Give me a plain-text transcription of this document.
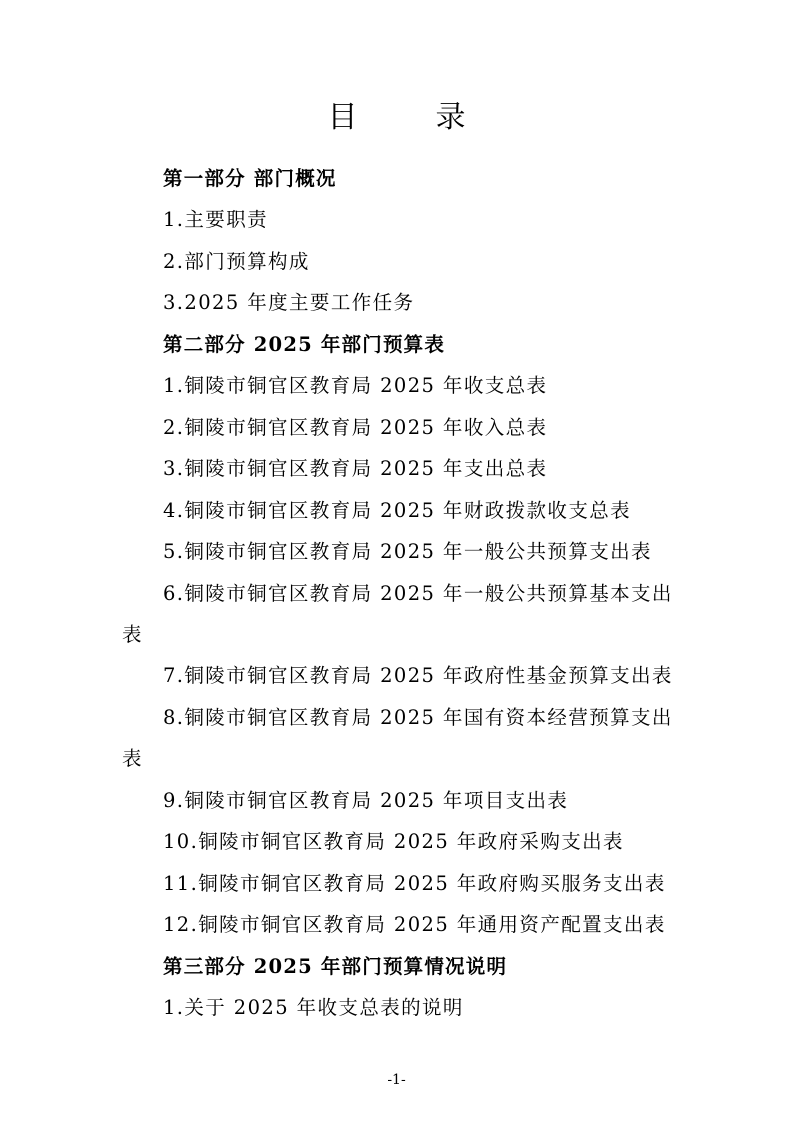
目　录
第一部分 部门概况
1.主要职责
2.部门预算构成
3.2025 年度主要工作任务
第二部分 2025 年部门预算表
1.铜陵市铜官区教育局 2025 年收支总表
2.铜陵市铜官区教育局 2025 年收入总表
3.铜陵市铜官区教育局 2025 年支出总表
4.铜陵市铜官区教育局 2025 年财政拨款收支总表
5.铜陵市铜官区教育局 2025 年一般公共预算支出表
6.铜陵市铜官区教育局 2025 年一般公共预算基本支出
表
7.铜陵市铜官区教育局 2025 年政府性基金预算支出表
8.铜陵市铜官区教育局 2025 年国有资本经营预算支出
表
9.铜陵市铜官区教育局 2025 年项目支出表
10.铜陵市铜官区教育局 2025 年政府采购支出表
11.铜陵市铜官区教育局 2025 年政府购买服务支出表
12.铜陵市铜官区教育局 2025 年通用资产配置支出表
第三部分 2025 年部门预算情况说明
1.关于 2025 年收支总表的说明
-1-
